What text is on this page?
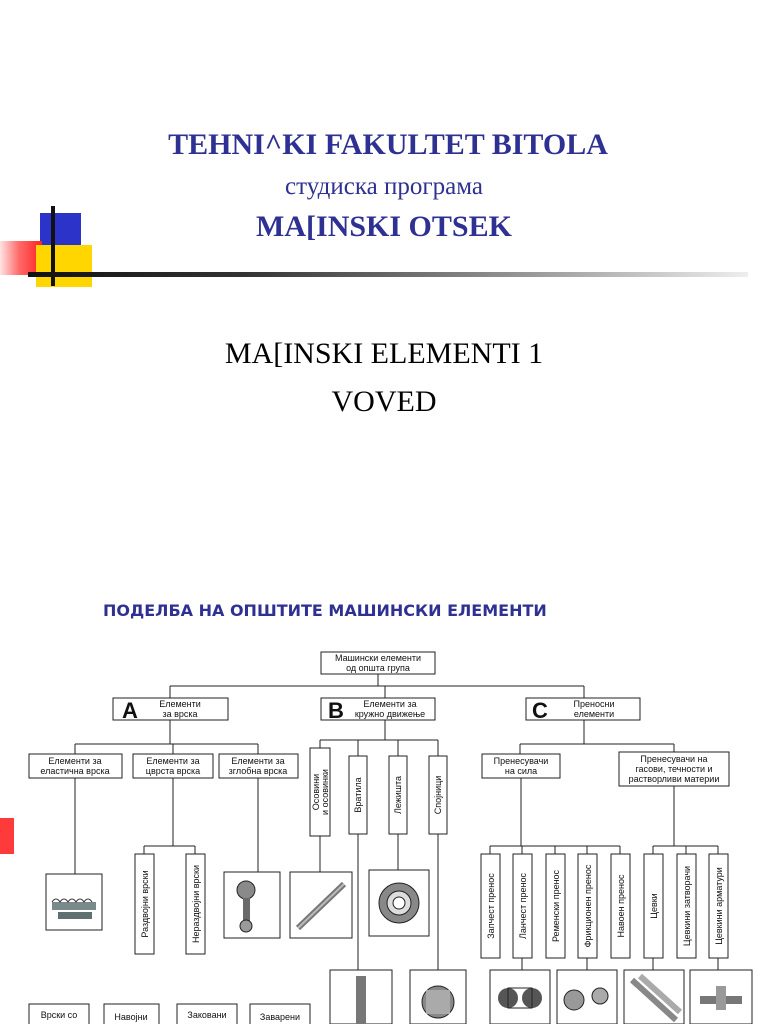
TEHNI^KI FAKULTET BITOLA
студиска програма
MA[INSKI OTSEK
MA[INSKI ELEMENTI 1
VOVED
ПОДЕЛБА НА ОПШТИТЕ МАШИНСКИ ЕЛЕМЕНТИ
Машински елементи
од општа група
A Елементи
за врска	B Елементи за
кружно движење	C	Преносни
елементи
Елементи за
еластична врска
Елементи за
цврста врска
Елементи за
зглобна врска
Осовини и осовинки	Вратила	Лежишта	Спојници
Пренесувачи
на сила
Пренесувачи на
гасови, течности и
растворливи материи
Раздвојни врски	Нераздвојни врски	Запчест пренос Ланчест пренос	Ременски пренос Фрикционен пренос	Навоен пренос	Цевки	Цевкини затворачи Цевкини арматури
Врски со	Навојни	Заковани	Заварени
